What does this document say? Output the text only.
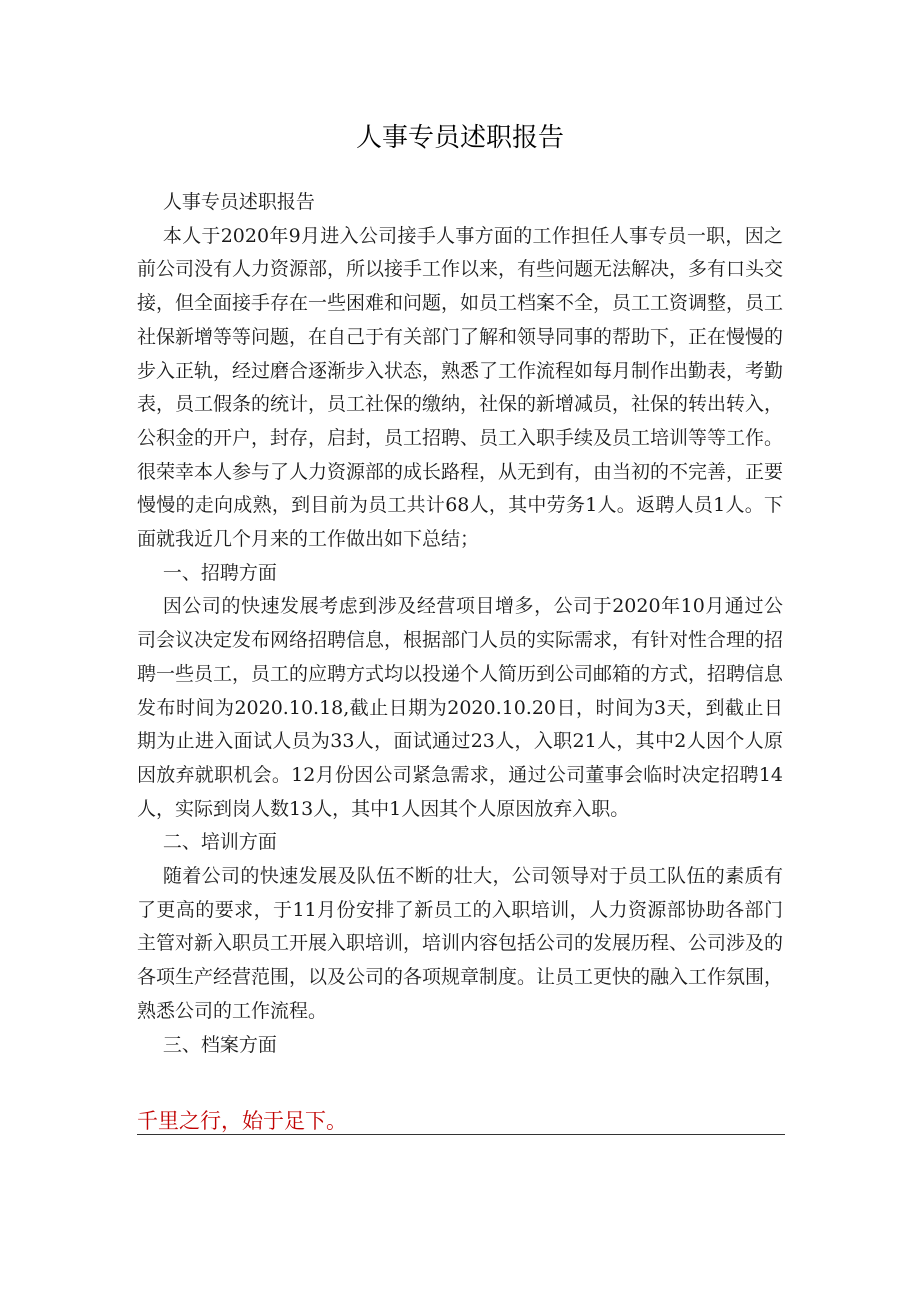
人事专员述职报告

人事专员述职报告

本人于2020年9月进入公司接手人事方面的工作担任人事专员一职，因之前公司没有人力资源部，所以接手工作以来，有些问题无法解决，多有口头交接，但全面接手存在一些困难和问题，如员工档案不全，员工工资调整，员工社保新增等等问题，在自己于有关部门了解和领导同事的帮助下，正在慢慢的步入正轨，经过磨合逐渐步入状态，熟悉了工作流程如每月制作出勤表，考勤表，员工假条的统计，员工社保的缴纳，社保的新增减员，社保的转出转入，公积金的开户，封存，启封，员工招聘、员工入职手续及员工培训等等工作。很荣幸本人参与了人力资源部的成长路程，从无到有，由当初的不完善，正要慢慢的走向成熟，到目前为员工共计68人，其中劳务1人。返聘人员1人。下面就我近几个月来的工作做出如下总结；

一、招聘方面

因公司的快速发展考虑到涉及经营项目增多，公司于2020年10月通过公司会议决定发布网络招聘信息，根据部门人员的实际需求，有针对性合理的招聘一些员工，员工的应聘方式均以投递个人简历到公司邮箱的方式，招聘信息发布时间为2020.10.18,截止日期为2020.10.20日，时间为3天，到截止日期为止进入面试人员为33人，面试通过23人，入职21人，其中2人因个人原因放弃就职机会。12月份因公司紧急需求，通过公司董事会临时决定招聘14人，实际到岗人数13人，其中1人因其个人原因放弃入职。

二、培训方面

随着公司的快速发展及队伍不断的壮大，公司领导对于员工队伍的素质有了更高的要求，于11月份安排了新员工的入职培训，人力资源部协助各部门主管对新入职员工开展入职培训，培训内容包括公司的发展历程、公司涉及的各项生产经营范围，以及公司的各项规章制度。让员工更快的融入工作氛围，熟悉公司的工作流程。

三、档案方面

千里之行，始于足下。
